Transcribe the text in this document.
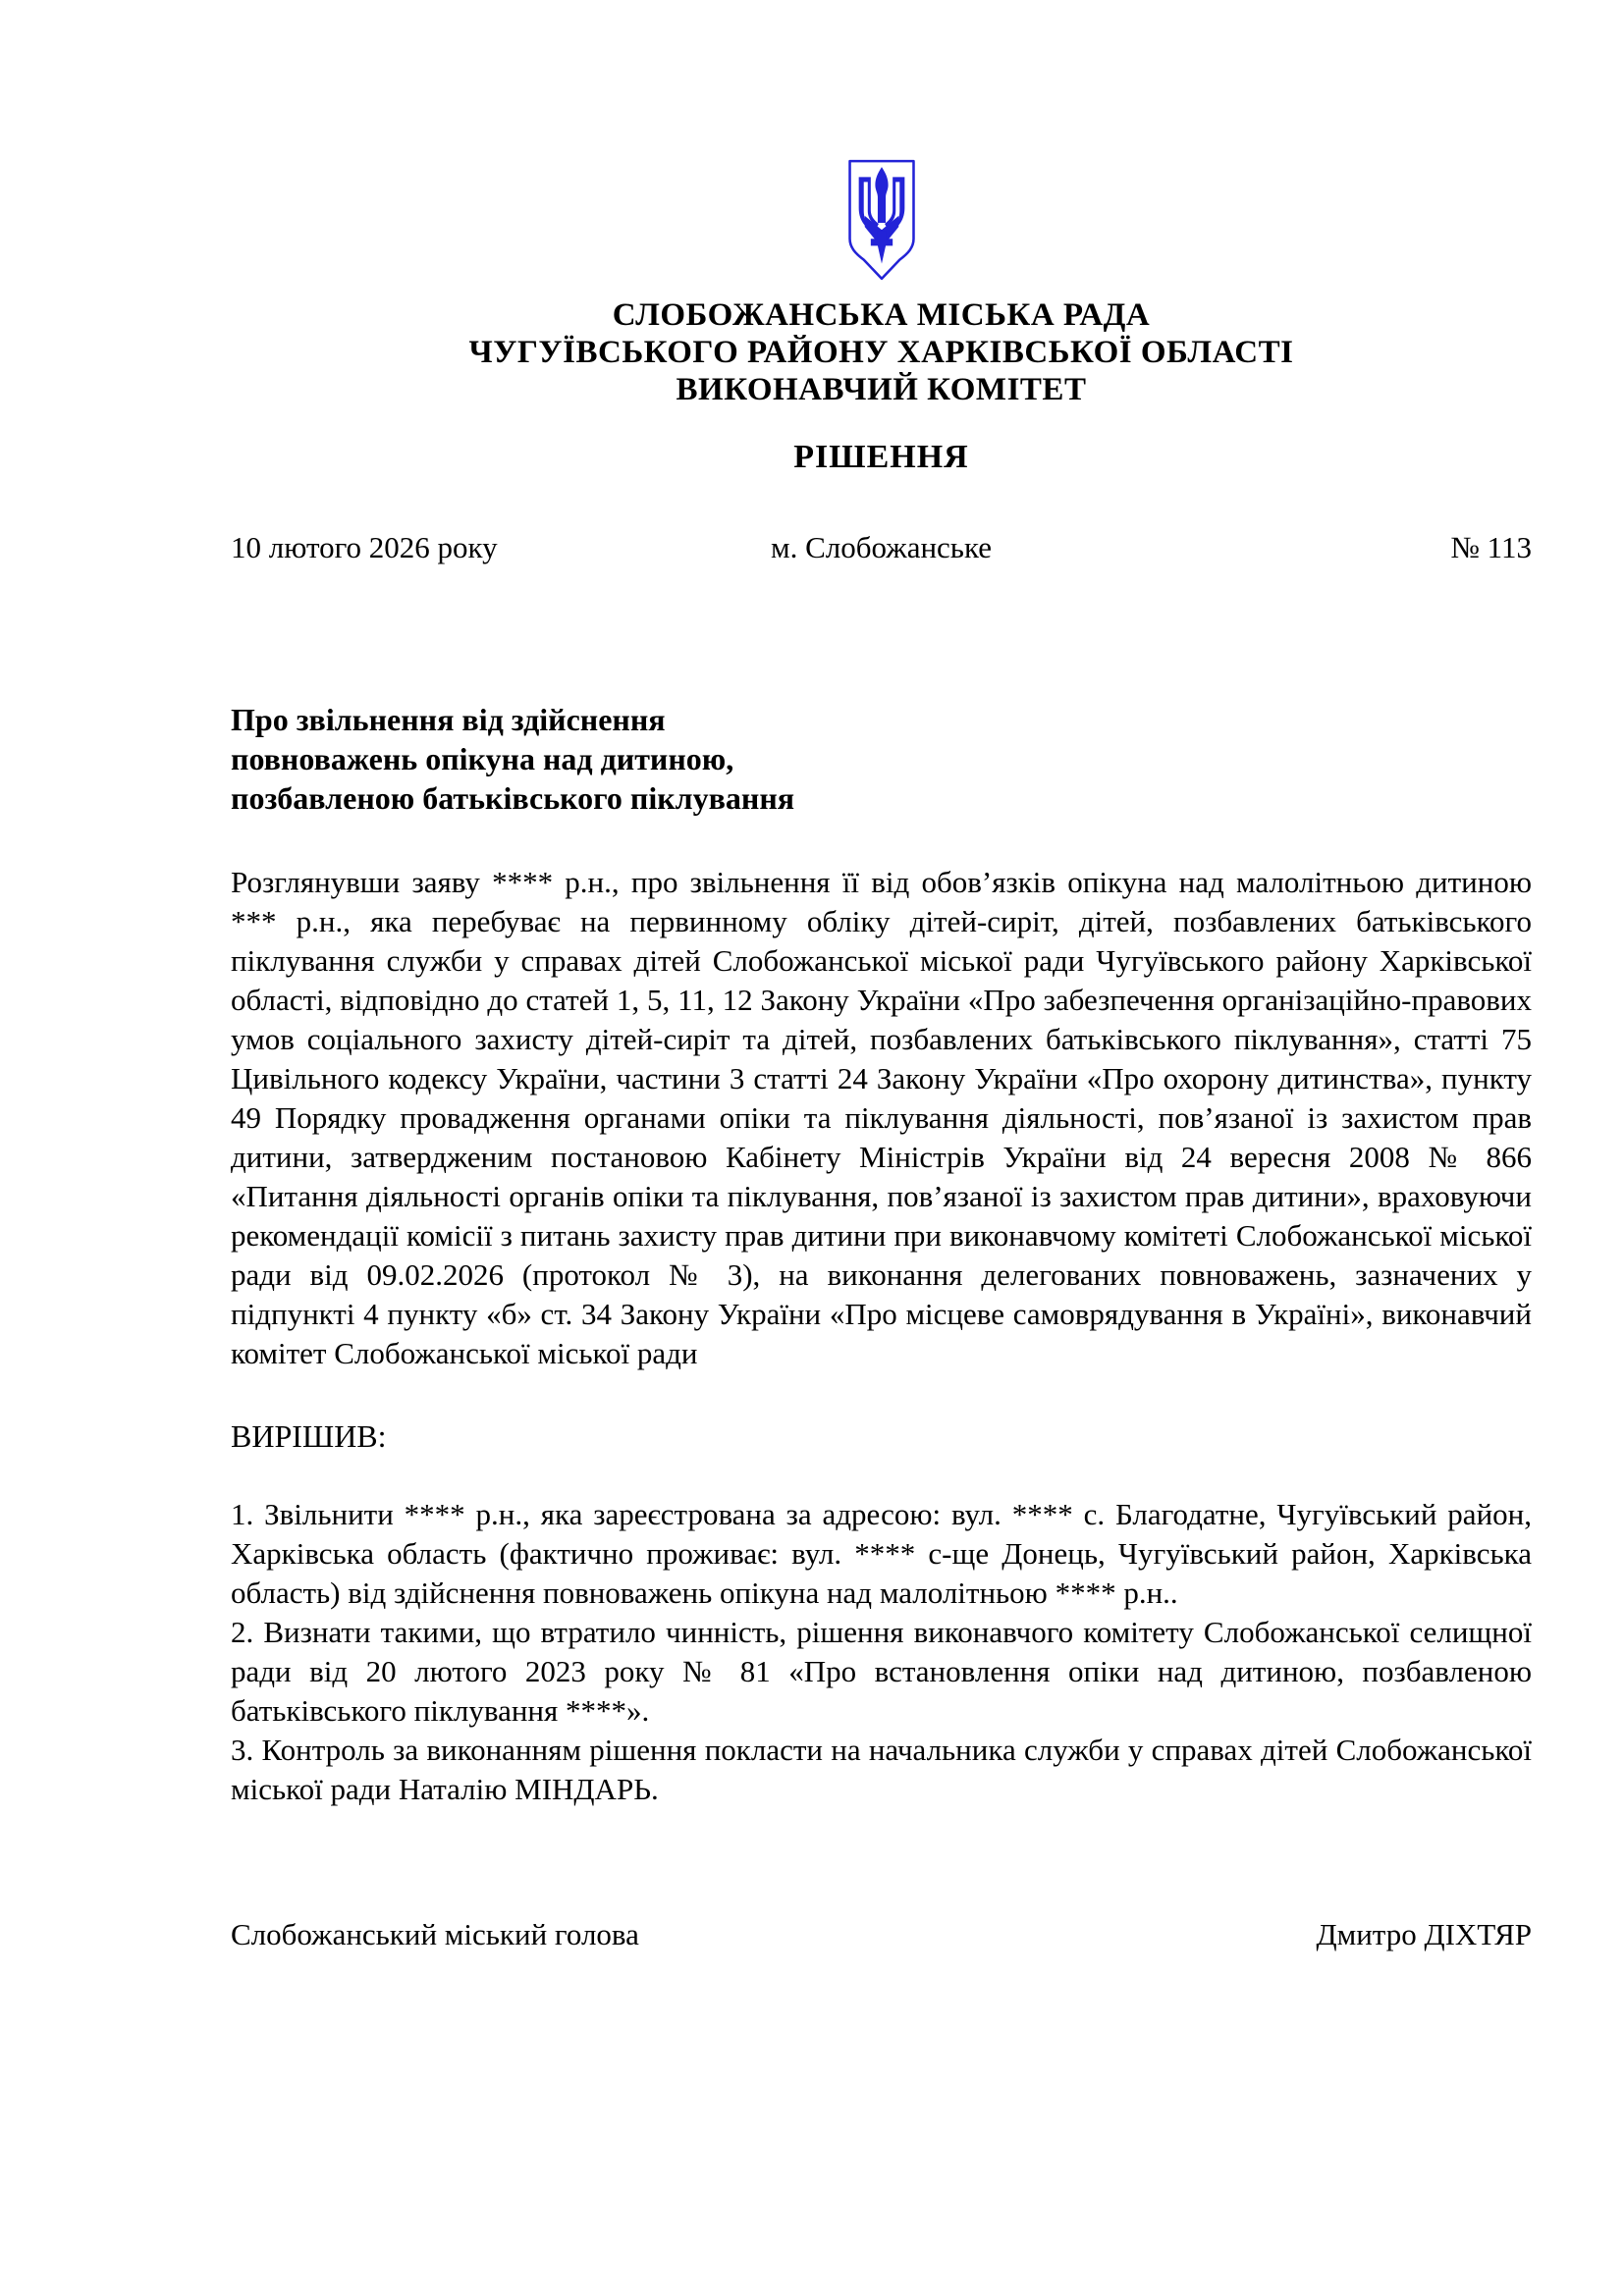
СЛОБОЖАНСЬКА МІСЬКА РАДА
ЧУГУЇВСЬКОГО РАЙОНУ ХАРКІВСЬКОЇ ОБЛАСТІ
ВИКОНАВЧИЙ КОМІТЕТ
РІШЕННЯ
10 лютого 2026 року	м. Слобожанське	№ 113
Про звільнення від здійснення
повноважень опікуна над дитиною,
позбавленою батьківського піклування

Розглянувши заяву **** р.н., про звільнення її від обов’язків опікуна над малолітньою дитиною *** р.н., яка перебуває на первинному обліку дітей-сиріт, дітей, позбавлених батьківського піклування служби у справах дітей Слобожанської міської ради Чугуївського району Харківської області, відповідно до статей 1, 5, 11, 12 Закону України «Про забезпечення організаційно-правових умов соціального захисту дітей-сиріт та дітей, позбавлених батьківського піклування», статті 75 Цивільного кодексу України, частини 3 статті 24 Закону України «Про охорону дитинства», пункту 49 Порядку провадження органами опіки та піклування діяльності, пов’язаної із захистом прав дитини, затвердженим постановою Кабінету Міністрів України від 24 вересня 2008 № 866 «Питання діяльності органів опіки та піклування, пов’язаної із захистом прав дитини», враховуючи рекомендації комісії з питань захисту прав дитини при виконавчому комітеті Слобожанської міської ради від 09.02.2026 (протокол № 3), на виконання делегованих повноважень, зазначених у підпункті 4 пункту «б» ст. 34 Закону України «Про місцеве самоврядування в Україні», виконавчий комітет Слобожанської міської ради

ВИРІШИВ:

1. Звільнити **** р.н., яка зареєстрована за адресою: вул. **** с. Благодатне, Чугуївський район, Харківська область (фактично проживає: вул. **** с-ще Донець, Чугуївський район, Харківська область) від здійснення повноважень опікуна над малолітньою **** р.н..

2. Визнати такими, що втратило чинність, рішення виконавчого комітету Слобожанської селищної ради від 20 лютого 2023 року № 81 «Про встановлення опіки над дитиною, позбавленою батьківського піклування ****».

3. Контроль за виконанням рішення покласти на начальника служби у справах дітей Слобожанської міської ради Наталію МІНДАРЬ.

Слобожанський міський голова	Дмитро ДІХТЯР
